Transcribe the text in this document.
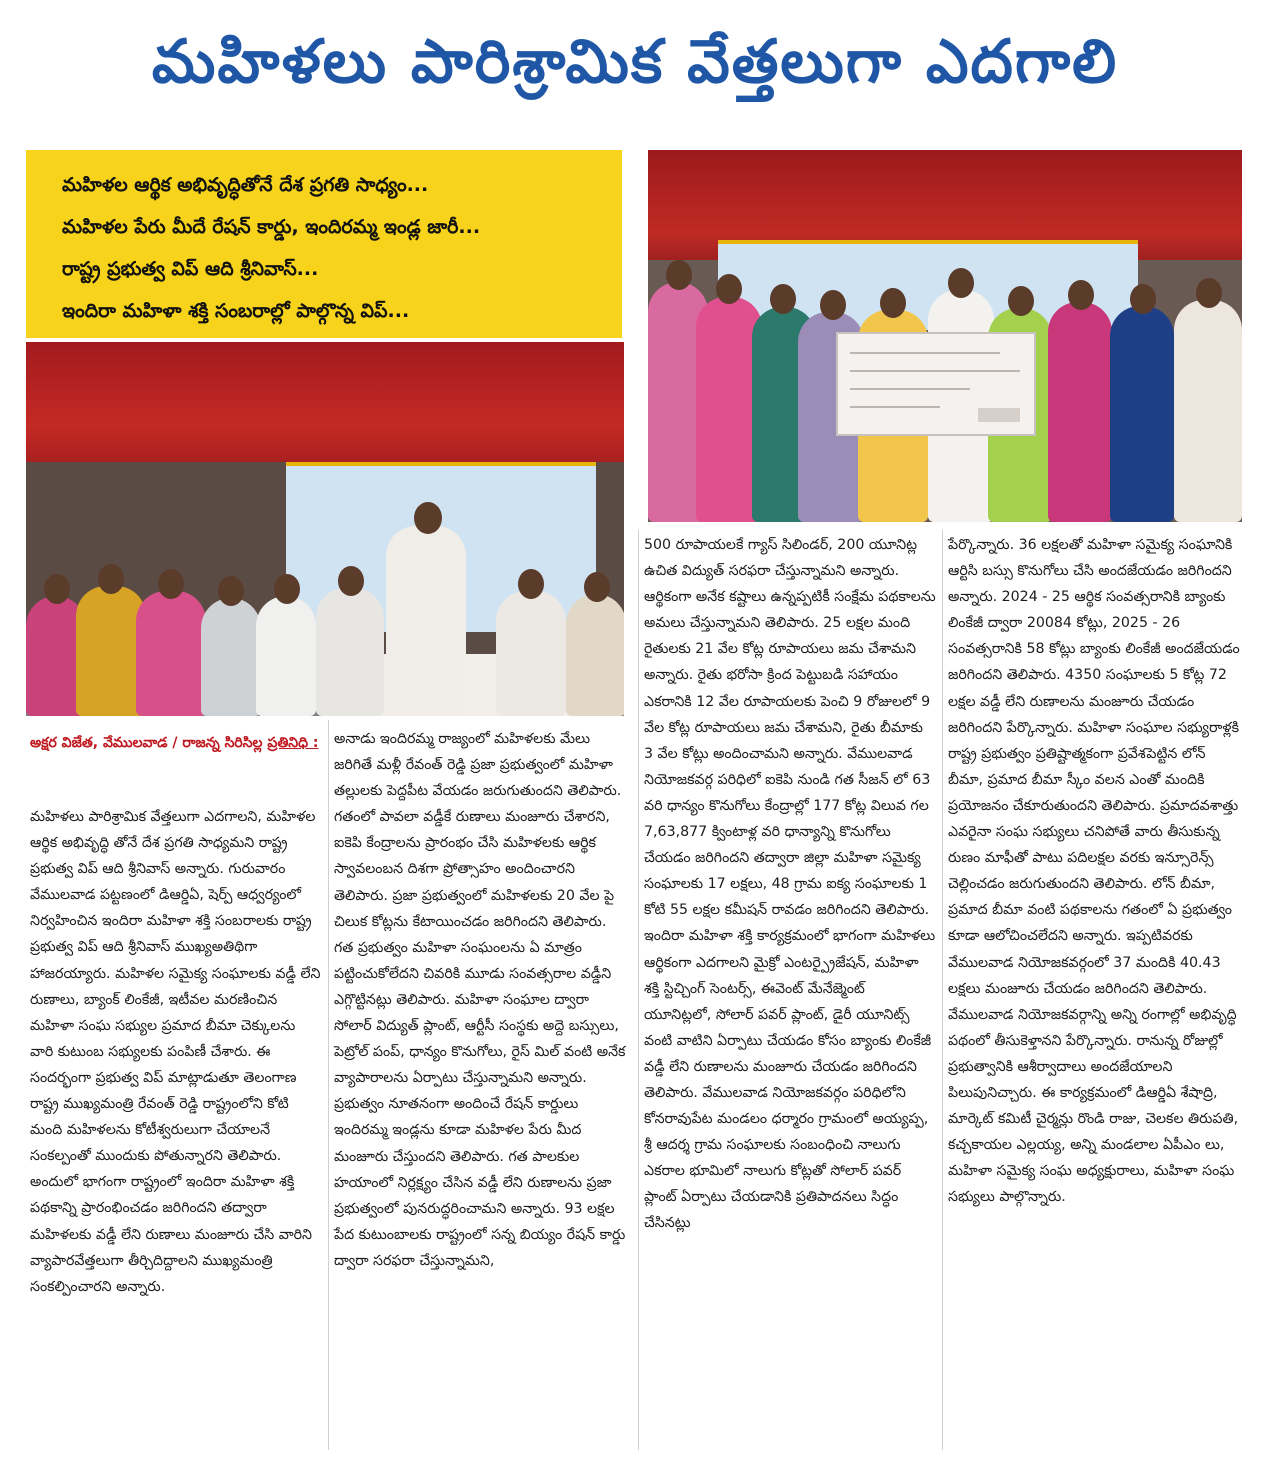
మహిళలు పారిశ్రామిక వేత్తలుగా ఎదగాలి
మహిళల ఆర్థిక అభివృద్ధితోనే దేశ ప్రగతి సాధ్యం...
మహిళల పేరు మీదే రేషన్ కార్డు, ఇందిరమ్మ ఇండ్ల జారీ...
రాష్ట్ర ప్రభుత్వ విప్ ఆది శ్రీనివాస్...
ఇందిరా మహిళా శక్తి సంబరాల్లో పాల్గొన్న విప్...
అక్షర విజేత, వేములవాడ / రాజన్న సిరిసిల్ల ప్రతినిధి :

మహిళలు పారిశ్రామిక వేత్తలుగా ఎదగాలని, మహిళల ఆర్థిక అభివృద్ధి తోనే దేశ ప్రగతి సాధ్యమని రాష్ట్ర ప్రభుత్వ విప్ ఆది శ్రీనివాస్ అన్నారు. గురువారం వేములవాడ పట్టణంలో డిఆర్డిఏ, షెర్ప్ ఆధ్వర్యంలో నిర్వహించిన ఇందిరా మహిళా శక్తి సంబరాలకు రాష్ట్ర ప్రభుత్వ విప్ ఆది శ్రీనివాస్ ముఖ్యఅతిథిగా హాజరయ్యారు. మహిళల సమైక్య సంఘాలకు వడ్డీ లేని రుణాలు, బ్యాంక్ లింకేజీ, ఇటీవల మరణించిన మహిళా సంఘ సభ్యుల ప్రమాద బీమా చెక్కులను వారి కుటుంబ సభ్యులకు పంపిణీ చేశారు. ఈ సందర్భంగా ప్రభుత్వ విప్ మాట్లాడుతూ తెలంగాణ రాష్ట్ర ముఖ్యమంత్రి రేవంత్ రెడ్డి రాష్ట్రంలోని కోటి మంది మహిళలను కోటీశ్వరులుగా చేయాలనే సంకల్పంతో ముందుకు పోతున్నారని తెలిపారు. అందులో భాగంగా రాష్ట్రంలో ఇందిరా మహిళా శక్తి పథకాన్ని ప్రారంభించడం జరిగిందని తద్వారా మహిళలకు వడ్డీ లేని రుణాలు మంజూరు చేసి వారిని వ్యాపారవేత్తలుగా తీర్చిదిద్దాలని ముఖ్యమంత్రి సంకల్పించారని అన్నారు.

అనాడు ఇందిరమ్మ రాజ్యంలో మహిళలకు మేలు జరిగితే మళ్లీ రేవంత్ రెడ్డి ప్రజా ప్రభుత్వంలో మహిళా తల్లులకు పెద్దపీట వేయడం జరుగుతుందని తెలిపారు. గతంలో పావలా వడ్డీకే రుణాలు మంజూరు చేశారని, ఐకెపి కేంద్రాలను ప్రారంభం చేసి మహిళలకు ఆర్థిక స్వావలంబన దిశగా ప్రోత్సాహం అందించారని తెలిపారు. ప్రజా ప్రభుత్వంలో మహిళలకు 20 వేల పై చిలుక కోట్లను కేటాయించడం జరిగిందని తెలిపారు. గత ప్రభుత్వం మహిళా సంఘంలను ఏ మాత్రం పట్టించుకోలేదని చివరికి మూడు సంవత్సరాల వడ్డీని ఎగ్గొట్టినట్లు తెలిపారు. మహిళా సంఘాల ద్వారా సోలార్ విద్యుత్ ప్లాంట్, ఆర్టీసీ సంస్థకు అద్దె బస్సులు, పెట్రోల్ పంప్, ధాన్యం కొనుగోలు, రైస్ మిల్ వంటి అనేక వ్యాపారాలను ఏర్పాటు చేస్తున్నామని అన్నారు. ప్రభుత్వం నూతనంగా అందించే రేషన్ కార్డులు ఇందిరమ్మ ఇండ్లను కూడా మహిళల పేరు మీద మంజూరు చేస్తుందని తెలిపారు. గత పాలకుల హయాంలో నిర్లక్ష్యం చేసిన వడ్డీ లేని రుణాలను ప్రజా ప్రభుత్వంలో పునరుద్ధరించామని అన్నారు. 93 లక్షల పేద కుటుంబాలకు రాష్ట్రంలో సన్న బియ్యం రేషన్ కార్డు ద్వారా సరఫరా చేస్తున్నామని,

500 రూపాయలకే గ్యాస్ సిలిండర్, 200 యూనిట్ల ఉచిత విద్యుత్ సరఫరా చేస్తున్నామని అన్నారు. ఆర్థికంగా అనేక కష్టాలు ఉన్నప్పటికీ సంక్షేమ పథకాలను అమలు చేస్తున్నామని తెలిపారు. 25 లక్షల మంది రైతులకు 21 వేల కోట్ల రూపాయలు జమ చేశామని అన్నారు. రైతు భరోసా క్రింద పెట్టుబడి సహాయం ఎకరానికి 12 వేల రూపాయలకు పెంచి 9 రోజులలో 9 వేల కోట్ల రూపాయలు జమ చేశామని, రైతు బీమాకు 3 వేల కోట్లు అందించామని అన్నారు. వేములవాడ నియోజకవర్గ పరిధిలో ఐకెపి నుండి గత సీజన్ లో 63 వరి ధాన్యం కొనుగోలు కేంద్రాల్లో 177 కోట్ల విలువ గల 7,63,877 క్వింటాళ్ల వరి ధాన్యాన్ని కొనుగోలు చేయడం జరిగిందని తద్వారా జిల్లా మహిళా సమైక్య సంఘాలకు 17 లక్షలు, 48 గ్రామ ఐక్య సంఘాలకు 1 కోటి 55 లక్షల కమీషన్ రావడం జరిగిందని తెలిపారు. ఇందిరా మహిళా శక్తి కార్యక్రమంలో భాగంగా మహిళలు ఆర్థికంగా ఎదగాలని మైక్రో ఎంటర్ప్రైజేషన్, మహిళా శక్తి స్టిచ్చింగ్ సెంటర్స్, ఈవెంట్ మేనేజ్మెంట్ యూనిట్లలో, సోలార్ పవర్ ప్లాంట్, డైరీ యూనిట్స్ వంటి వాటిని ఏర్పాటు చేయడం కోసం బ్యాంకు లింకేజీ వడ్డీ లేని రుణాలను మంజూరు చేయడం జరిగిందని తెలిపారు. వేములవాడ నియోజకవర్గం పరిధిలోని కోనరావుపేట మండలం ధర్మారం గ్రామంలో అయ్యప్ప, శ్రీ ఆదర్శ గ్రామ సంఘాలకు సంబంధించి నాలుగు ఎకరాల భూమిలో నాలుగు కోట్లతో సోలార్ పవర్ ప్లాంట్ ఏర్పాటు చేయడానికి ప్రతిపాదనలు సిద్ధం చేసినట్లు

పేర్కొన్నారు. 36 లక్షలతో మహిళా సమైక్య సంఘానికి ఆర్టిసి బస్సు కొనుగోలు చేసి అందజేయడం జరిగిందని అన్నారు. 2024 - 25 ఆర్థిక సంవత్సరానికి బ్యాంకు లింకేజీ ద్వారా 20084 కోట్లు, 2025 - 26 సంవత్సరానికి 58 కోట్లు బ్యాంకు లింకేజీ అందజేయడం జరిగిందని తెలిపారు. 4350 సంఘాలకు 5 కోట్ల 72 లక్షల వడ్డీ లేని రుణాలను మంజూరు చేయడం జరిగిందని పేర్కొన్నారు. మహిళా సంఘాల సభ్యురాళ్లకి రాష్ట్ర ప్రభుత్వం ప్రతిష్టాత్మకంగా ప్రవేశపెట్టిన లోన్ బీమా, ప్రమాద బీమా స్కీం వలన ఎంతో మందికి ప్రయోజనం చేకూరుతుందని తెలిపారు. ప్రమాదవశాత్తు ఎవరైనా సంఘ సభ్యులు చనిపోతే వారు తీసుకున్న రుణం మాఫీతో పాటు పదిలక్షల వరకు ఇన్సూరెన్స్ చెల్లించడం జరుగుతుందని తెలిపారు. లోన్ బీమా, ప్రమాద బీమా వంటి పథకాలను గతంలో ఏ ప్రభుత్వం కూడా ఆలోచించలేదని అన్నారు. ఇప్పటివరకు వేములవాడ నియోజకవర్గంలో 37 మందికి 40.43 లక్షలు మంజూరు చేయడం జరిగిందని తెలిపారు. వేములవాడ నియోజకవర్గాన్ని అన్ని రంగాల్లో అభివృద్ధి పథంలో తీసుకెళ్తానని పేర్కొన్నారు. రానున్న రోజుల్లో ప్రభుత్వానికి ఆశీర్వాదాలు అందజేయాలని పిలుపునిచ్చారు. ఈ కార్యక్రమంలో డిఆర్డిఏ శేషాద్రి, మార్కెట్ కమిటీ చైర్మన్లు రొండి రాజు, చెలకల తిరుపతి, కచ్చకాయల ఎల్లయ్య, అన్ని మండలాల ఏపీఎం లు, మహిళా సమైక్య సంఘ అధ్యక్షురాలు, మహిళా సంఘ సభ్యులు పాల్గొన్నారు.
